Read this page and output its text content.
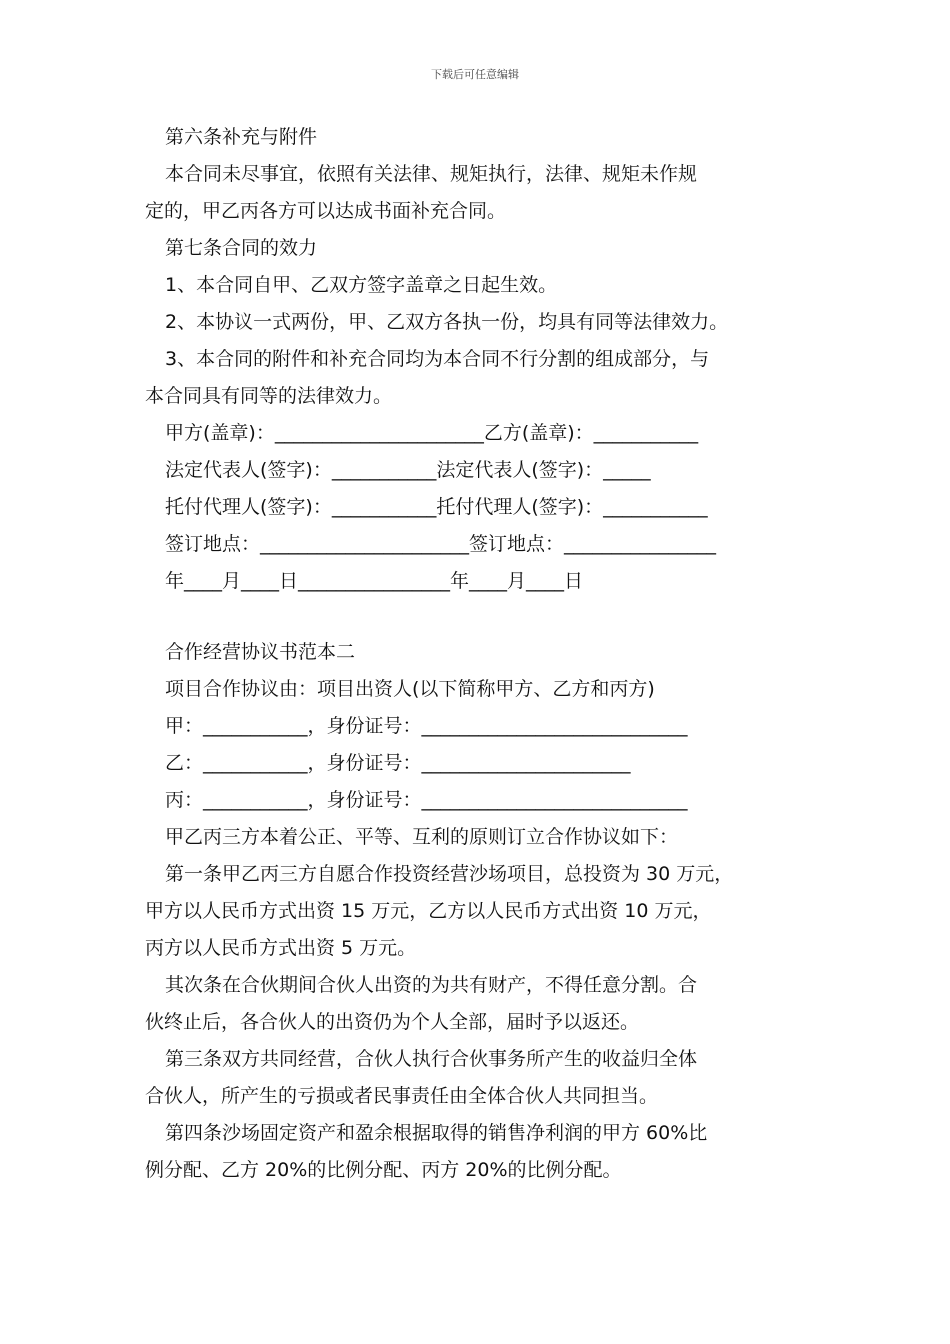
下载后可任意编辑

第六条补充与附件

本合同未尽事宜，依照有关法律、规矩执行，法律、规矩未作规

定的，甲乙丙各方可以达成书面补充合同。

第七条合同的效力

1、本合同自甲、乙双方签字盖章之日起生效。

2、本协议一式两份，甲、乙双方各执一份，均具有同等法律效力。

3、本合同的附件和补充合同均为本合同不行分割的组成部分，与

本合同具有同等的法律效力。

甲方(盖章)：______________________乙方(盖章)：___________

法定代表人(签字)：___________法定代表人(签字)：_____

托付代理人(签字)：___________托付代理人(签字)：___________

签订地点：______________________签订地点：________________

年____月____日________________年____月____日

合作经营协议书范本二

项目合作协议由：项目出资人(以下简称甲方、乙方和丙方)

甲：___________，身份证号：____________________________

乙：___________，身份证号：______________________

丙：___________，身份证号：____________________________

甲乙丙三方本着公正、平等、互利的原则订立合作协议如下：

第一条甲乙丙三方自愿合作投资经营沙场项目，总投资为 30 万元，

甲方以人民币方式出资 15 万元，乙方以人民币方式出资 10 万元，

丙方以人民币方式出资 5 万元。

其次条在合伙期间合伙人出资的为共有财产，不得任意分割。合

伙终止后，各合伙人的出资仍为个人全部，届时予以返还。

第三条双方共同经营，合伙人执行合伙事务所产生的收益归全体

合伙人，所产生的亏损或者民事责任由全体合伙人共同担当。

第四条沙场固定资产和盈余根据取得的销售净利润的甲方 60%比

例分配、乙方 20%的比例分配、丙方 20%的比例分配。
